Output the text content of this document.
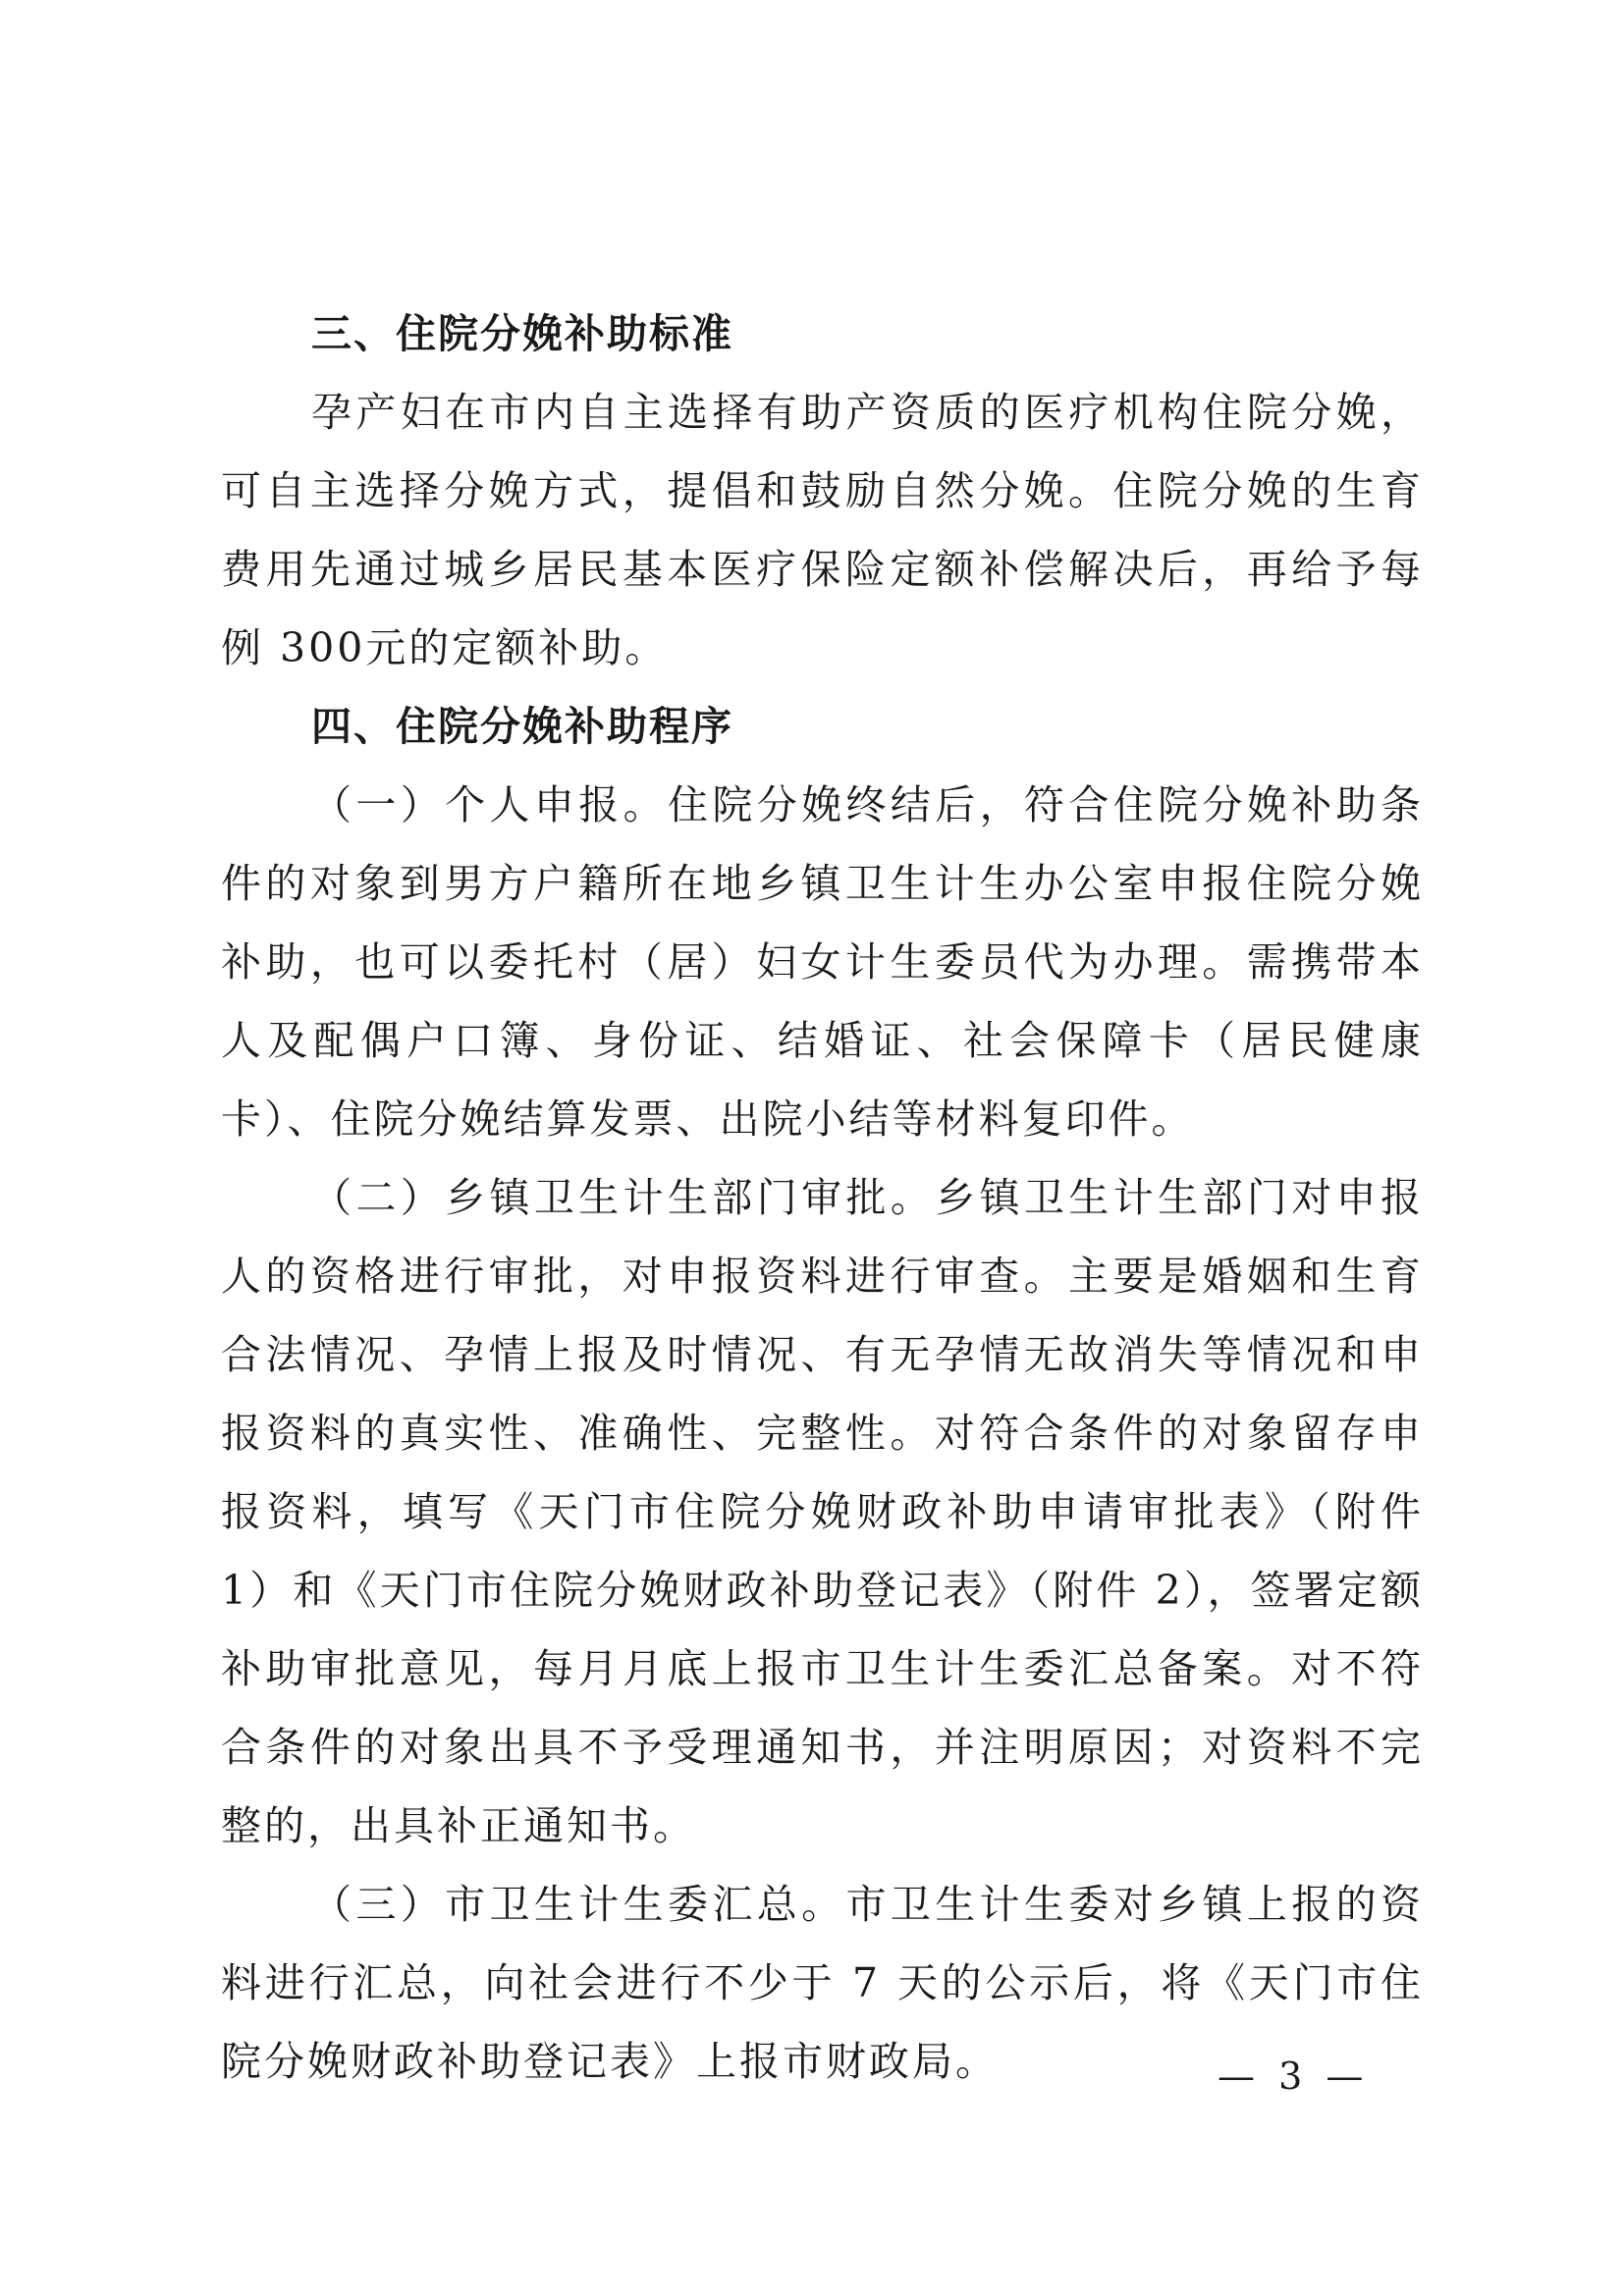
三、住院分娩补助标准

孕产妇在市内自主选择有助产资质的医疗机构住院分娩，可自主选择分娩方式，提倡和鼓励自然分娩。住院分娩的生育费用先通过城乡居民基本医疗保险定额补偿解决后，再给予每例 300元的定额补助。

四、住院分娩补助程序

（一）个人申报。住院分娩终结后，符合住院分娩补助条件的对象到男方户籍所在地乡镇卫生计生办公室申报住院分娩补助，也可以委托村（居）妇女计生委员代为办理。需携带本人及配偶户口簿、身份证、结婚证、社会保障卡（居民健康卡）、住院分娩结算发票、出院小结等材料复印件。

（二）乡镇卫生计生部门审批。乡镇卫生计生部门对申报人的资格进行审批，对申报资料进行审查。主要是婚姻和生育合法情况、孕情上报及时情况、有无孕情无故消失等情况和申报资料的真实性、准确性、完整性。对符合条件的对象留存申报资料，填写《天门市住院分娩财政补助申请审批表》（附件 1）和《天门市住院分娩财政补助登记表》（附件 2），签署定额补助审批意见，每月月底上报市卫生计生委汇总备案。对不符合条件的对象出具不予受理通知书，并注明原因；对资料不完整的，出具补正通知书。

（三）市卫生计生委汇总。市卫生计生委对乡镇上报的资料进行汇总，向社会进行不少于 7 天的公示后，将《天门市住院分娩财政补助登记表》上报市财政局。	— 3 —
